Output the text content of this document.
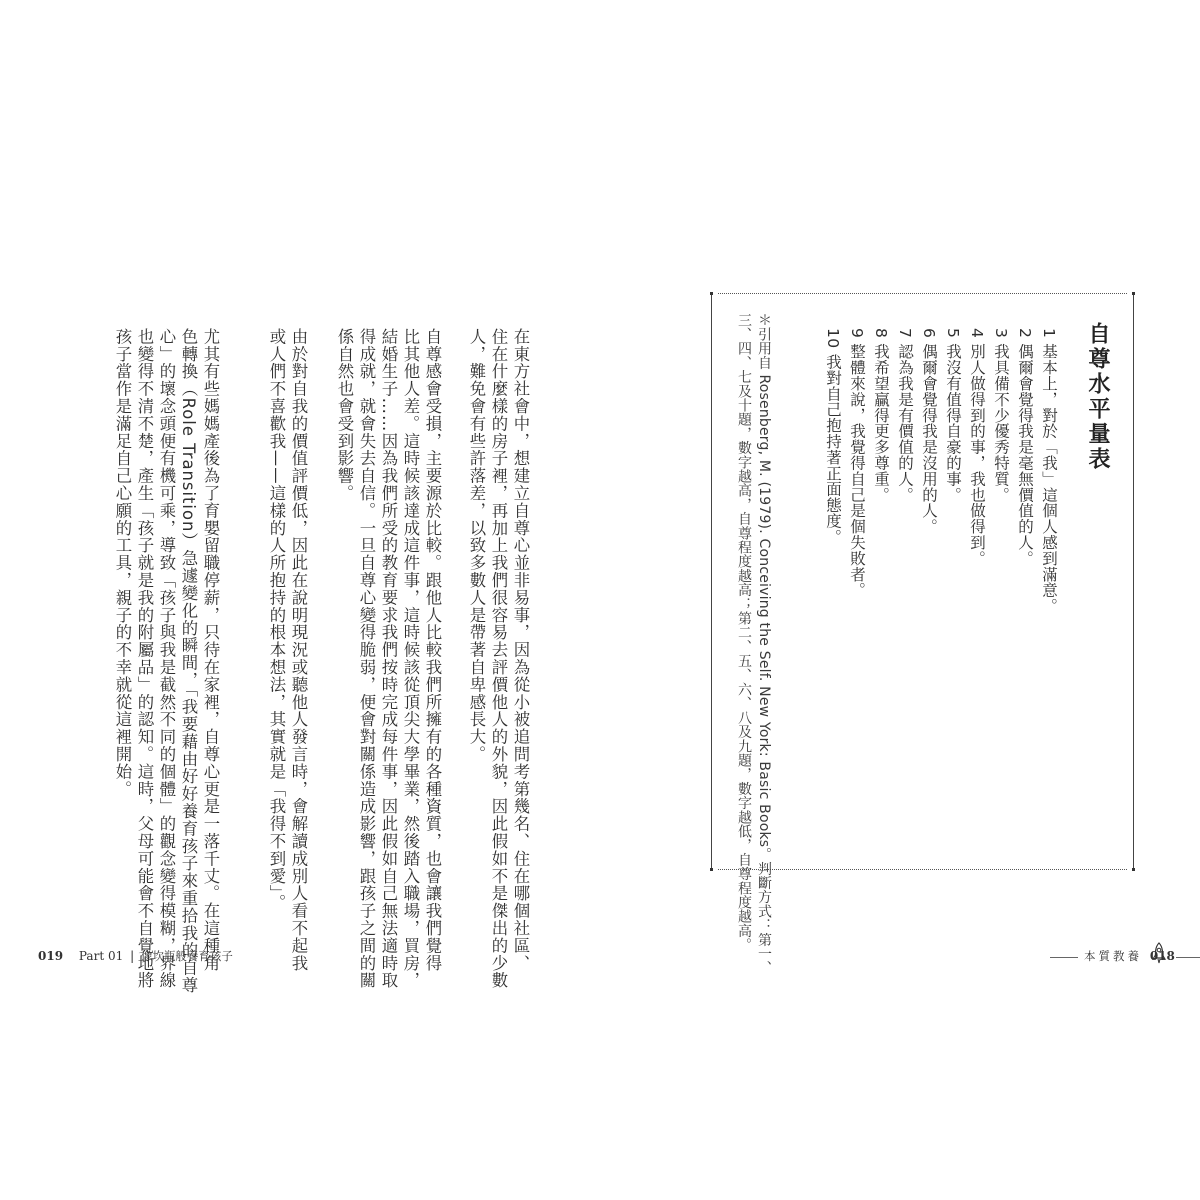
在東方社會中，想建立自尊心並非易事，因為從小被追問考第幾名、住在哪個社區、

住在什麼樣的房子裡，再加上我們很容易去評價他人的外貌，因此假如不是傑出的少數

人，難免會有些許落差，以致多數人是帶著自卑感長大。

自尊感會受損，主要源於比較。跟他人比較我們所擁有的各種資質，也會讓我們覺得

比其他人差。這時候該達成這件事，這時候該從頂尖大學畢業，然後踏入職場，買房，

結婚生子……因為我們所受的教育要求我們按時完成每件事，因此假如自己無法適時取

得成就，就會失去自信。一旦自尊心變得脆弱，便會對關係造成影響，跟孩子之間的關

係自然也會受到影響。

由於對自我的價值評價低，因此在說明現況或聽他人發言時，會解讀成別人看不起我

或人們不喜歡我——這樣的人所抱持的根本想法，其實就是「我得不到愛」。

尤其有些媽媽產後為了育嬰留職停薪，只待在家裡，自尊心更是一落千丈。在這種角

色轉換（Role Transition）急遽變化的瞬間，「我要藉由好好養育孩子來重拾我的自尊

心」的壞念頭便有機可乘，導致「孩子與我是截然不同的個體」的觀念變得模糊，界線

也變得不清不楚，產生「孩子就是我的附屬品」的認知。這時，父母可能會不自覺地將

孩子當作是滿足自己心願的工具，親子的不幸就從這裡開始。

019 Part 01 | 像坎瓶般養育孩子
自尊水平量表
1 基本上，對於「我」這個人感到滿意。
2 偶爾會覺得我是毫無價值的人。
3 我具備不少優秀特質。
4 別人做得到的事，我也做得到。
5 我沒有值得自豪的事。
6 偶爾會覺得我是沒用的人。
7 認為我是有價值的人。
8 我希望贏得更多尊重。
9 整體來說，我覺得自己是個失敗者。
10 我對自己抱持著正面態度。

＊引用自 Rosenberg, M. (1979). Conceiving the Self. New York: Basic Books。判斷方式：第一、

三、四、七及十題，數字越高，自尊程度越高；第二、五、六、八及九題，數字越低，自尊程度越高。

本質教養 018
